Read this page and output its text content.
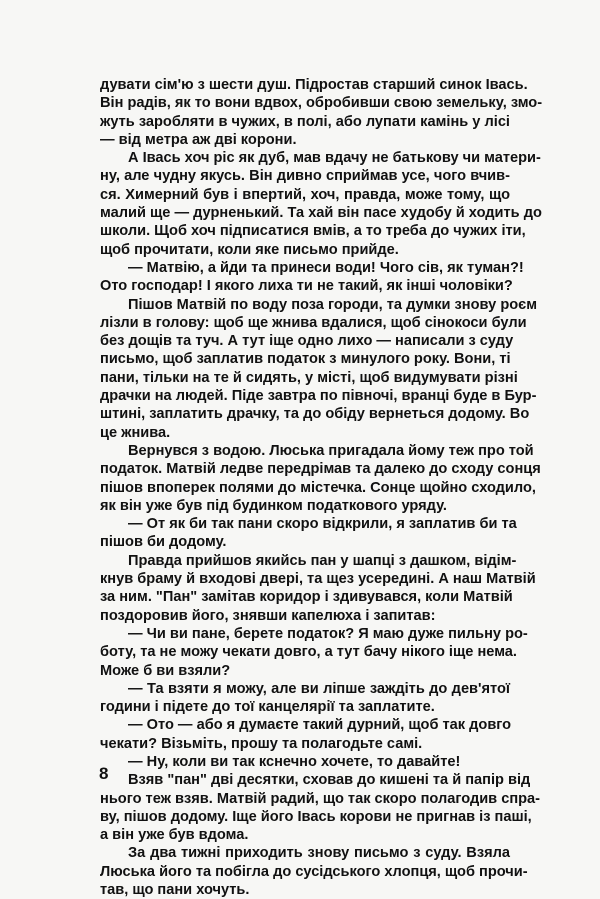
дувати сім'ю з шести душ. Підростав старший синок Івась.
Він радів, як то вони вдвох, обробивши свою земельку, змо-
жуть заробляти в чужих, в полі, або лупати камінь у лісі
— від метра аж дві корони.
А Івась хоч ріс як дуб, мав вдачу не батькову чи матери-
ну, але чудну якусь. Він дивно сприймав усе, чого вчив-
ся. Химерний був і впертий, хоч, правда, може тому, що
малий ще — дурненький. Та хай він пасе худобу й ходить до
школи. Щоб хоч підписатися вмів, а то треба до чужих іти,
щоб прочитати, коли яке письмо прийде.
— Матвію, а йди та принеси води! Чого сів, як туман?!
Ото господар! І якого лиха ти не такий, як інші чоловіки?
Пішов Матвій по воду поза городи, та думки знову роєм
лізли в голову: щоб ще жнива вдалися, щоб сінокоси були
без дощів та туч. А тут іще одно лихо — написали з суду
письмо, щоб заплатив податок з минулого року. Вони, ті
пани, тільки на те й сидять, у місті, щоб видумувати різні
драчки на людей. Піде завтра по півночі, вранці буде в Бур-
штині, заплатить драчку, та до обіду вернеться додому. Во
це жнива.
Вернувся з водою. Люська пригадала йому теж про той
податок. Матвій ледве передрімав та далеко до сходу сонця
пішов впоперек полями до містечка. Сонце щойно сходило,
як він уже був під будинком податкового уряду.
— От як би так пани скоро відкрили, я заплатив би та
пішов би додому.
Правда прийшов якийсь пан у шапці з дашком, відім-
кнув браму й входові двері, та щез усередині. А наш Матвій
за ним. "Пан" замітав коридор і здивувався, коли Матвій
поздоровив його, знявши капелюха і запитав:
— Чи ви пане, берете податок? Я маю дуже пильну ро-
боту, та не можу чекати довго, а тут бачу нікого іще нема.
Може б ви взяли?
— Та взяти я можу, але ви ліпше заждіть до дев'ятої
години і підете до тої канцелярії та заплатите.
— Ото — або я думаєте такий дурний, щоб так довго
чекати? Візьміть, прошу та полагодьте самі.
— Ну, коли ви так кснечно хочете, то давайте!
Взяв "пан" дві десятки, сховав до кишені та й папір від
нього теж взяв. Матвій радий, що так скоро полагодив спра-
ву, пішов додому. Іще його Івась корови не пригнав із паші,
а він уже був вдома.
За два тижні приходить знову письмо з суду. Взяла
Люська його та побігла до сусідського хлопця, щоб прочи-
тав, що пани хочуть.
8
